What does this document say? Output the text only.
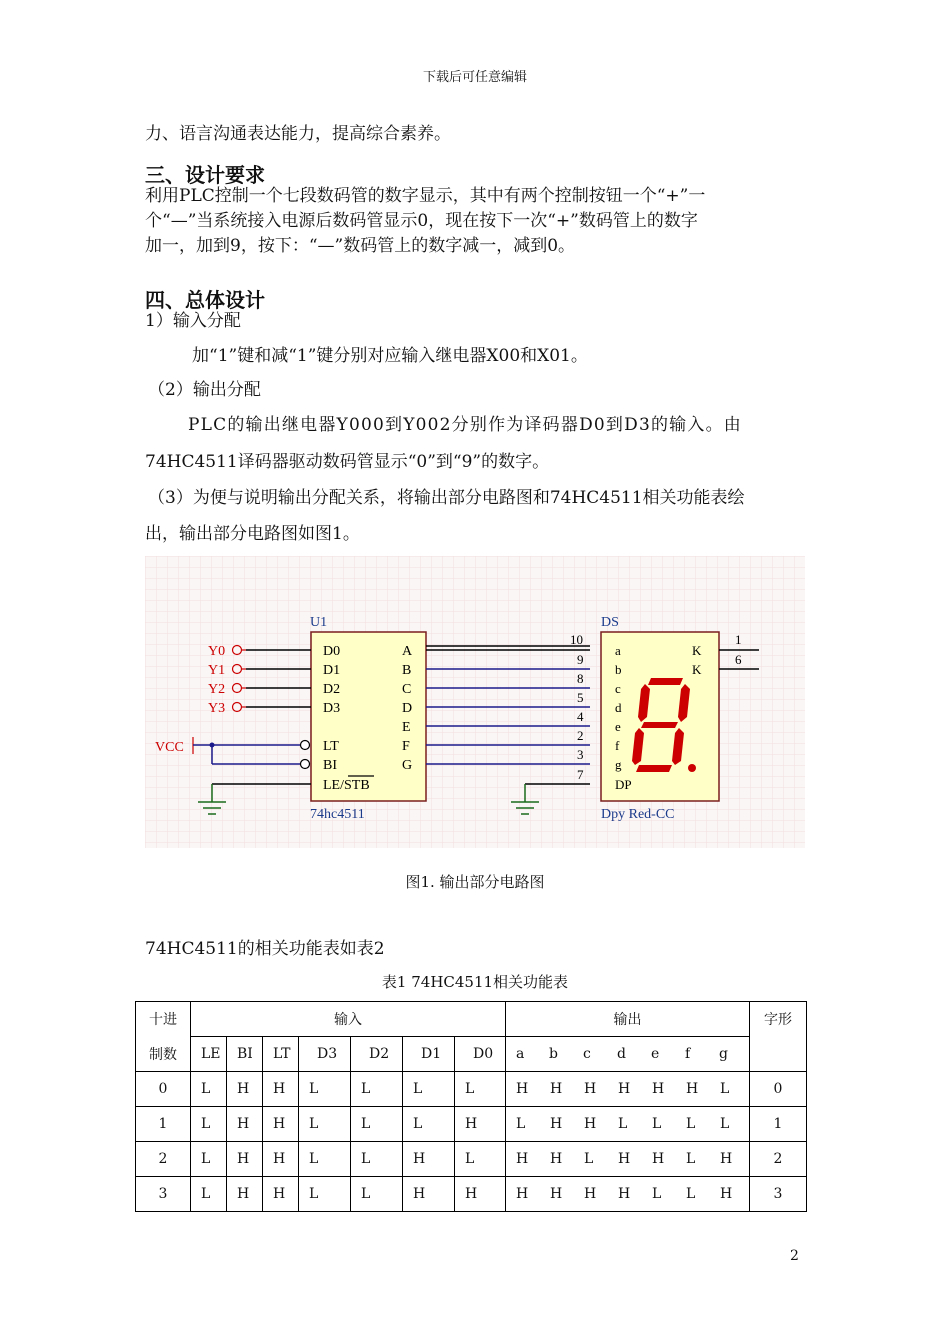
下载后可任意编辑
力、语言沟通表达能力，提高综合素养。
三、设计要求
利用PLC控制一个七段数码管的数字显示，其中有两个控制按钮一个“+”一
个“—”当系统接入电源后数码管显示0，现在按下一次“+”数码管上的数字
加一，加到9，按下：“—”数码管上的数字减一，减到0。
四、总体设计
1）输入分配
加“1”键和减“1”键分别对应输入继电器X00和X01。
（2）输出分配
PLC的输出继电器Y000到Y002分别作为译码器D0到D3的输入。由
74HC4511译码器驱动数码管显示“0”到“9”的数字。
（3）为便与说明输出分配关系，将输出部分电路图和74HC4511相关功能表绘
出，输出部分电路图如图1。
U1
74hc4511
D0
D1
D2
D3
LT
BI
LE/STB
A
B
C
D
E
F
G
Y0
Y1
Y2
Y3
VCC
10
9
8
5
4
2
3
7
DS
Dpy Red-CC
a
b
c
d
e
f
g
DP
K
K
1
6
图1. 输出部分电路图
74HC4511的相关功能表如表2
表1 74HC4511相关功能表
十进	输入							输出	字形
制数	LE	BI	LT	D3	D2	D1	D0	a b c d e f g	
0	L	H	H	L	L	L	L	H H H H H H L	0
1	L	H	H	L	L	L	H	L H H L L L L	1
2	L	H	H	L	L	H	L	H H L H H L H	2
3	L	H	H	L	L	H	H	H H H H L L H	3
2
